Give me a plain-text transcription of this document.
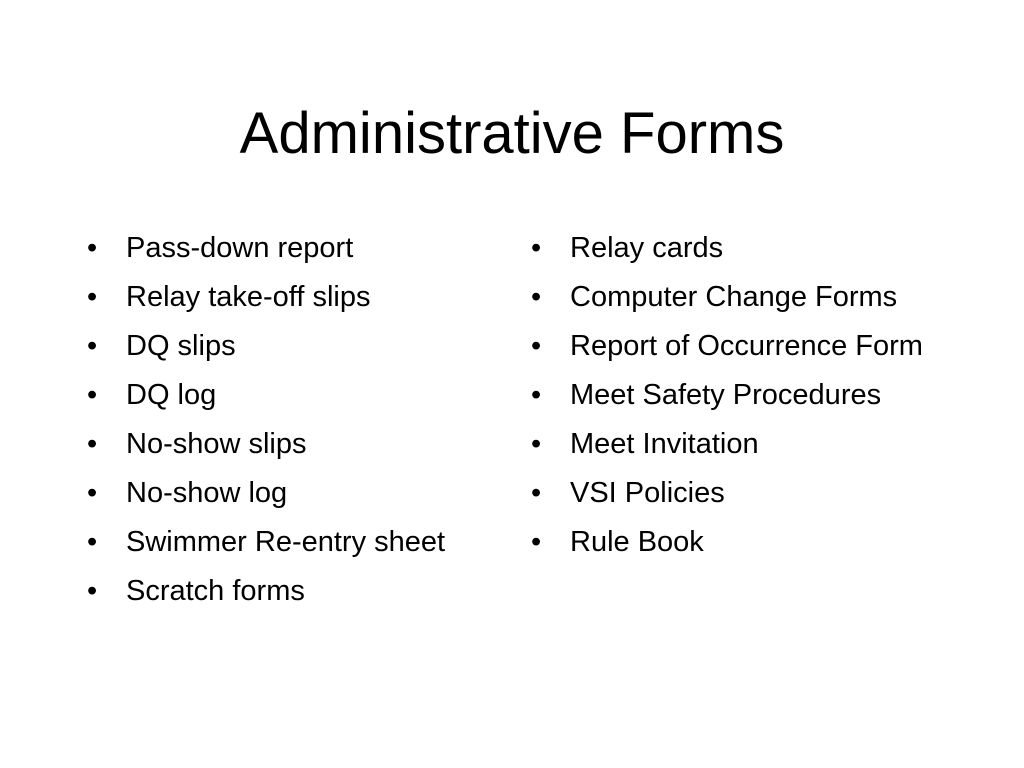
Administrative Forms
• Pass-down report
• Relay take-off slips
• DQ slips
• DQ log
• No-show slips
• No-show log
• Swimmer Re-entry sheet
• Scratch forms
• Relay cards
• Computer Change Forms
• Report of Occurrence Form
• Meet Safety Procedures
• Meet Invitation
• VSI Policies
• Rule Book
